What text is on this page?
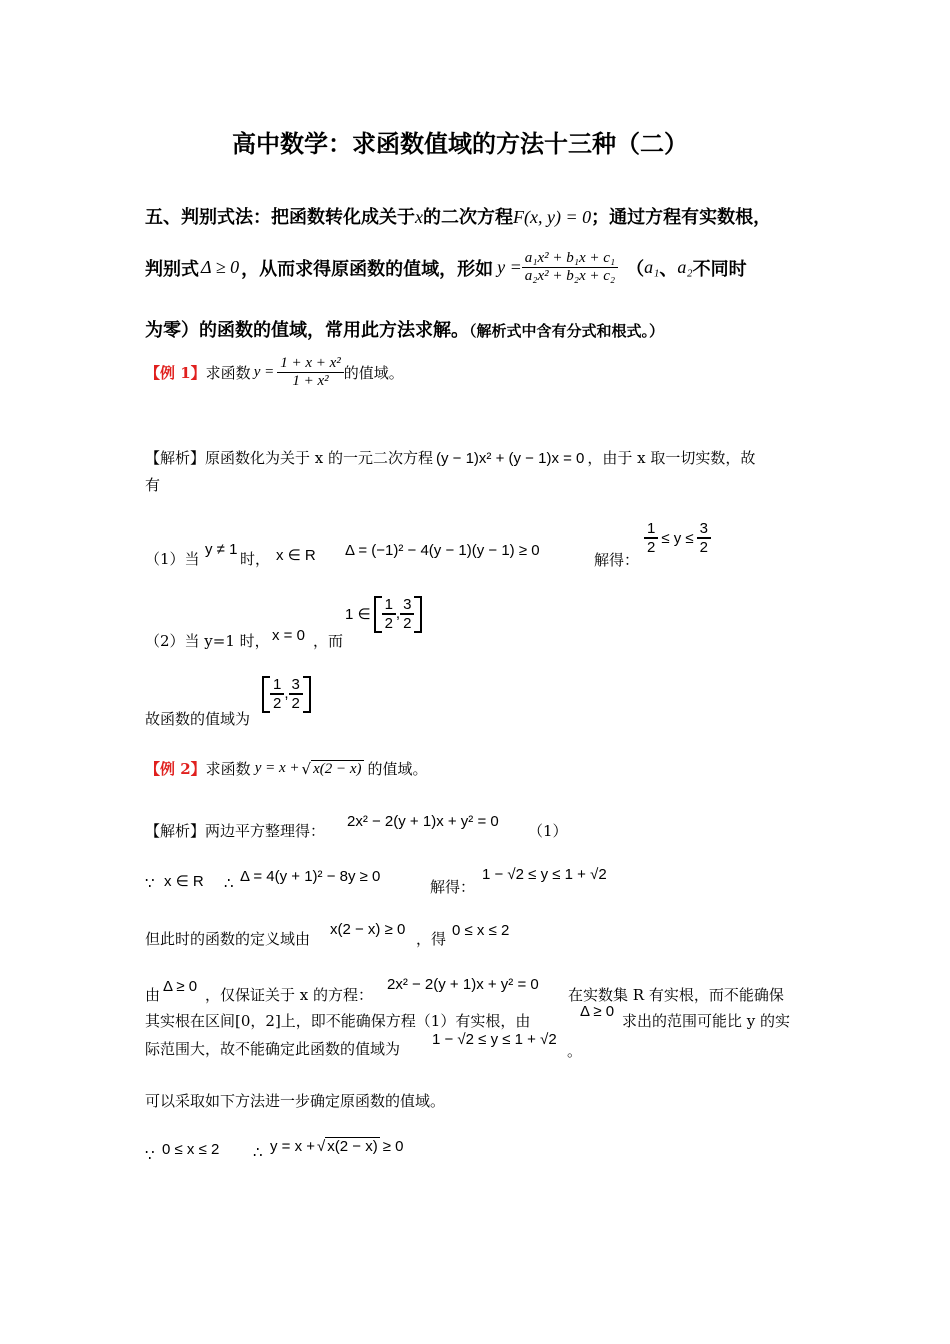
高中数学：求函数值域的方法十三种（二）
五、判别式法：把函数转化成关于x的二次方程F(x, y) = 0；通过方程有实数根，
判别式 Δ ≥ 0 ，从而求得原函数的值域，形如 $y = \frac{\text{a₁x² + b₁x + c₁}}{\text{a₂x² + b₂x + c₂}}$ （ a₁ 、 a₂ 不同时
为零）的函数的值域，常用此方法求解。（解析式中含有分式和根式。）
【例 1】 求函数 $y = \frac{\text{1 + x + x²}}{\text{1 + x²}}$ 的值域。
【解析】原函数化为关于 x 的一元二次方程 (y − 1)x² + (y − 1)x = 0 ，由于 x 取一切实数，故
有
（1）当
y ≠ 1
时， x ∈ R Δ = (−1)² − 4(y − 1)(y − 1) ≥ 0
解得：
$\frac{1}{2} \le y \le \frac{3}{2}$
（2）当 y=1 时， x = 0 ，而
1 ∈ $\frac{1}{2}$ , $\frac{3}{2}$
故函数的值域为
$\frac{1}{2}$ , $\frac{3}{2}$
【例 2】 求函数 y = x + √ x(2 − x) 的值域。
【解析】两边平方整理得：
2x² − 2(y + 1)x + y² = 0
（1）
∵ x ∈ R ∴ Δ = 4(y + 1)² − 8y ≥ 0
解得：
1 − √2 ≤ y ≤ 1 + √2
但此时的函数的定义域由
x(2 − x) ≥ 0
，得 0 ≤ x ≤ 2
由 Δ ≥ 0 ，仅保证关于 x 的方程：
2x² − 2(y + 1)x + y² = 0
在实数集 R 有实根，而不能确保
其实根在区间[0，2]上，即不能确保方程（1）有实根，由
Δ ≥ 0
求出的范围可能比 y 的实
际范围大，故不能确定此函数的值域为
1 − √2 ≤ y ≤ 1 + √2
。
可以采取如下方法进一步确定原函数的值域。
∵ 0 ≤ x ≤ 2 ∴ y = x + √ x(2 − x) ≥ 0
